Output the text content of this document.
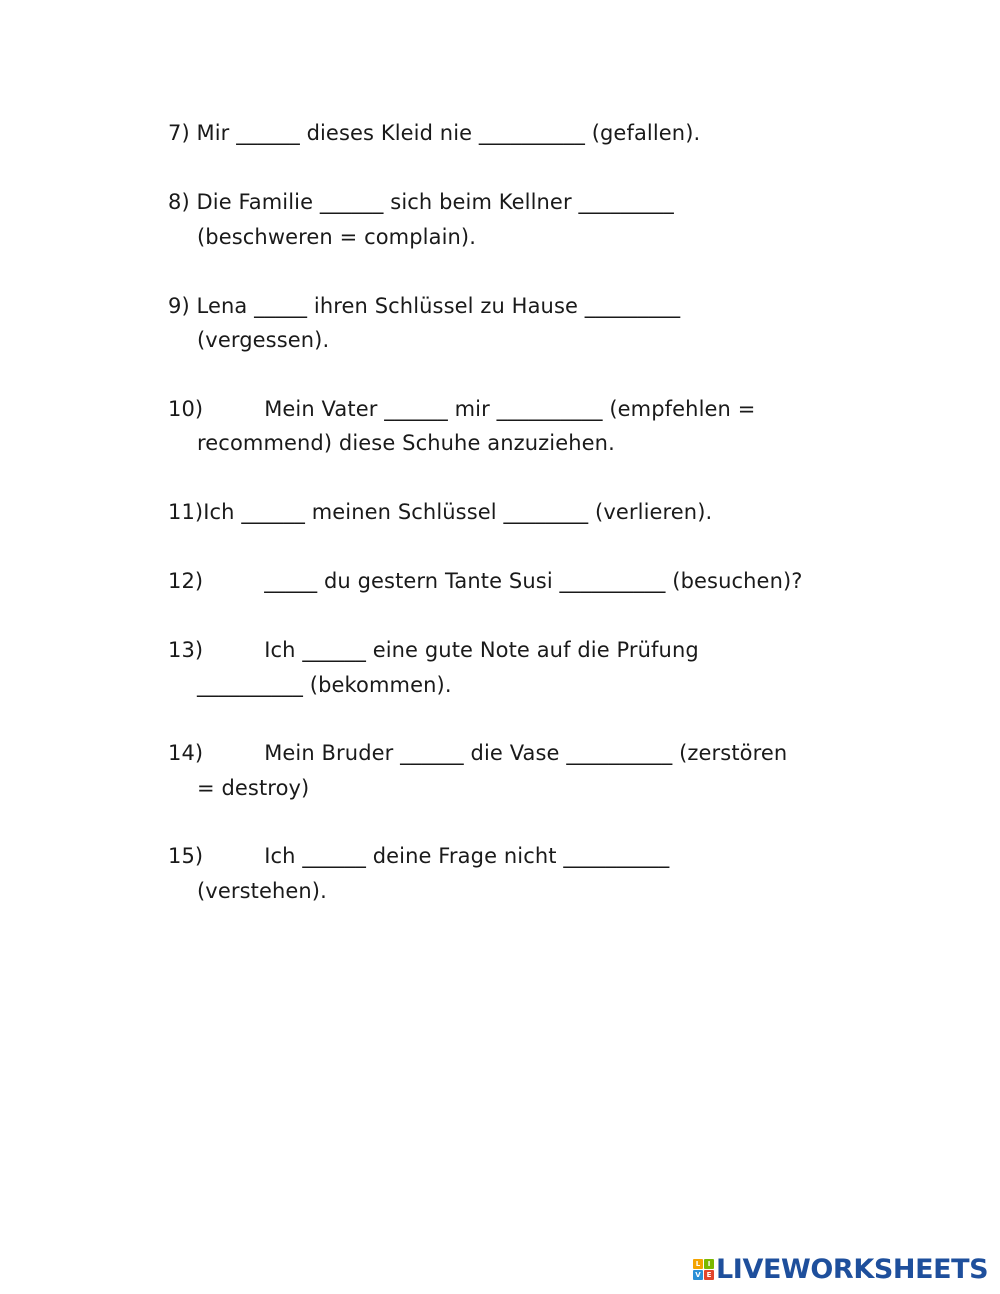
7) Mir ______ dieses Kleid nie __________ (gefallen).
8) Die Familie ______ sich beim Kellner _________
(beschweren = complain).
9) Lena _____ ihren Schlüssel zu Hause _________
(vergessen).
10)         Mein Vater ______ mir __________ (empfehlen =
recommend) diese Schuhe anzuziehen.
11)Ich ______ meinen Schlüssel ________ (verlieren).
12)         _____ du gestern Tante Susi __________ (besuchen)?
13)         Ich ______ eine gute Note auf die Prüfung
__________ (bekommen).
14)         Mein Bruder ______ die Vase __________ (zerstören
= destroy)
15)         Ich ______ deine Frage nicht __________
(verstehen).
L	I
V E LIVEWORKSHEETS
